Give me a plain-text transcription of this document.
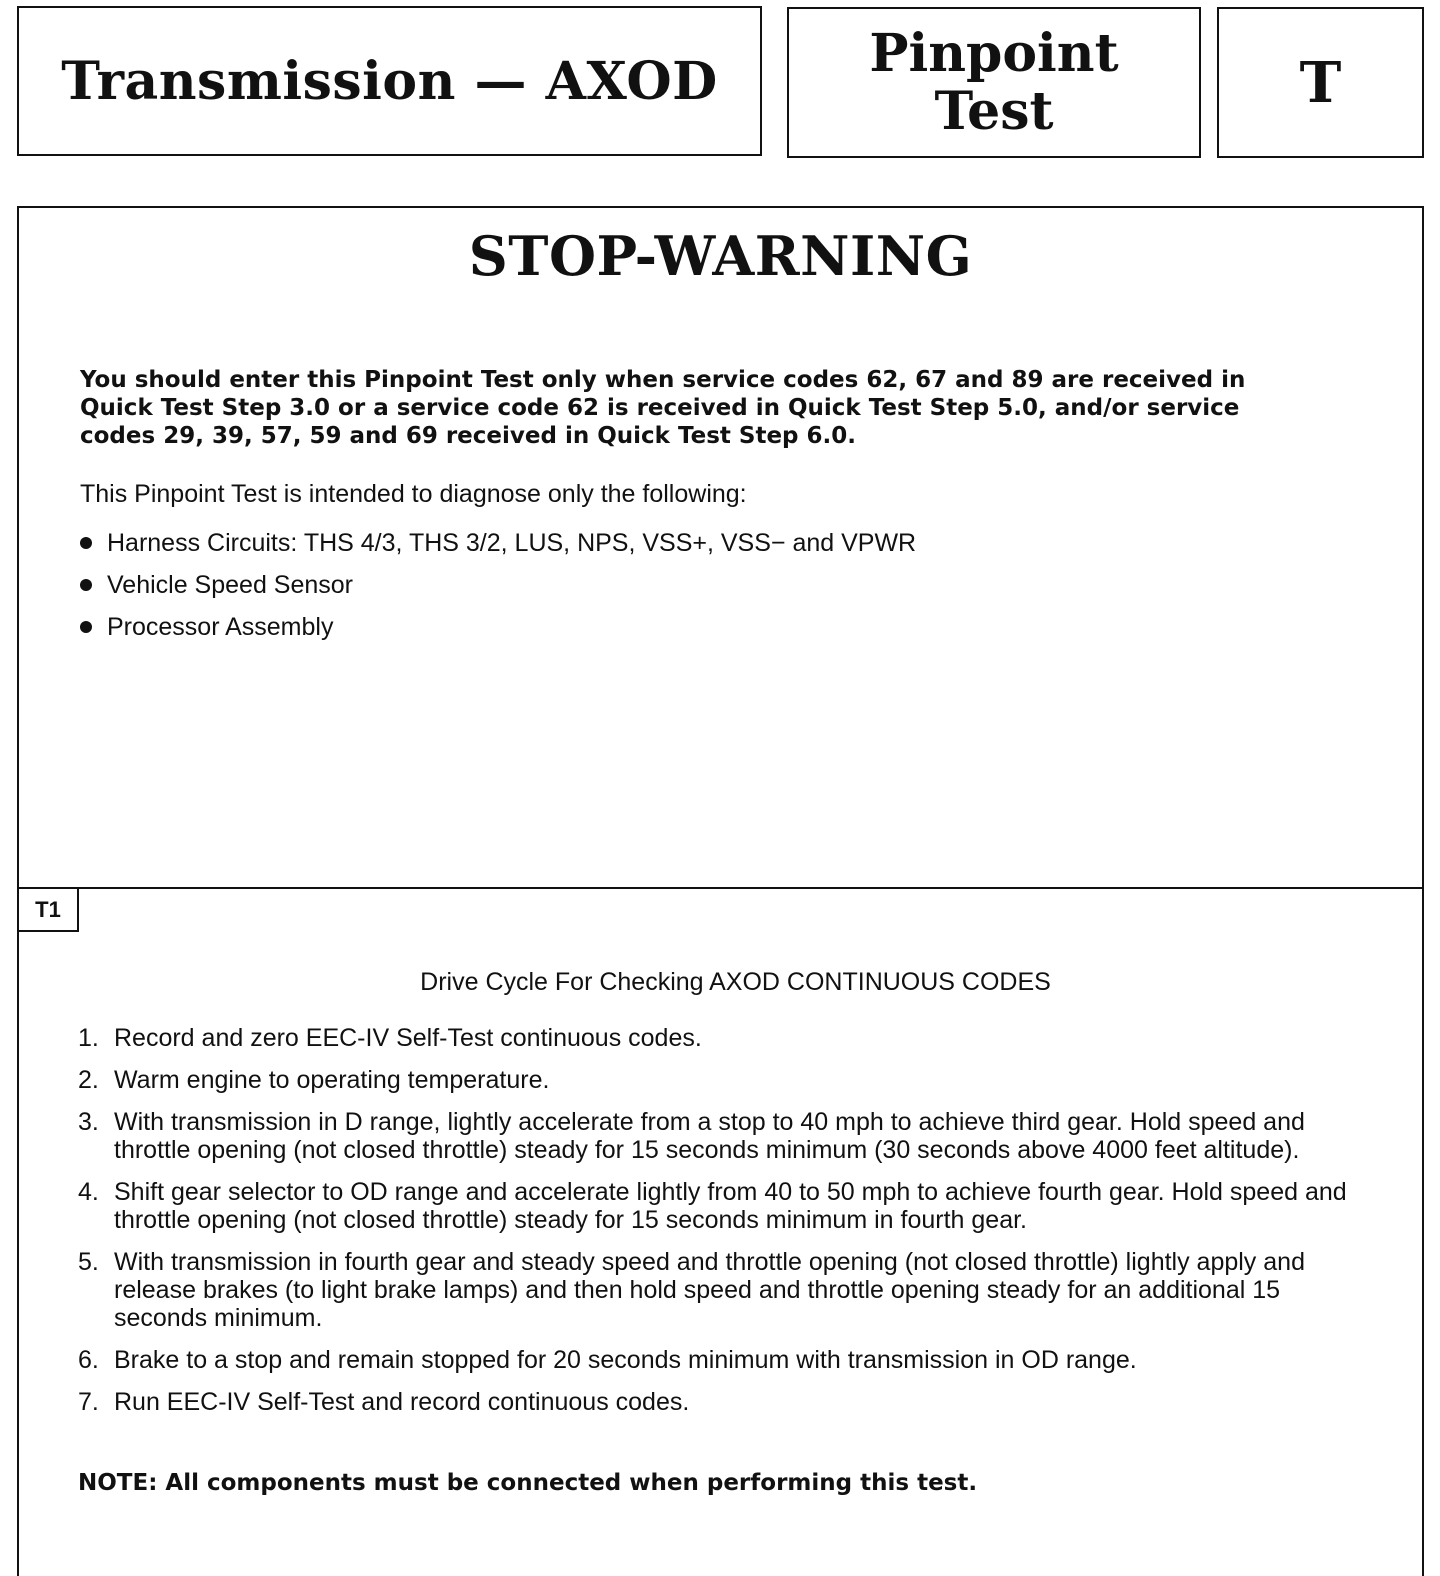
Transmission — AXOD	Pinpoint
Test	T
STOP-WARNING

You should enter this Pinpoint Test only when service codes 62, 67 and 89 are received in Quick Test Step 3.0 or a service code 62 is received in Quick Test Step 5.0, and/or service codes 29, 39, 57, 59 and 69 received in Quick Test Step 6.0.

This Pinpoint Test is intended to diagnose only the following:

Harness Circuits: THS 4/3, THS 3/2, LUS, NPS, VSS+, VSS− and VPWR
Vehicle Speed Sensor
Processor Assembly
T1
Drive Cycle For Checking AXOD CONTINUOUS CODES
1. Record and zero EEC-IV Self-Test continuous codes.
2. Warm engine to operating temperature.
3. With transmission in D range, lightly accelerate from a stop to 40 mph to achieve third gear. Hold speed and throttle opening (not closed throttle) steady for 15 seconds minimum (30 seconds above 4000 feet altitude).
4. Shift gear selector to OD range and accelerate lightly from 40 to 50 mph to achieve fourth gear. Hold speed and throttle opening (not closed throttle) steady for 15 seconds minimum in fourth gear.
5. With transmission in fourth gear and steady speed and throttle opening (not closed throttle) lightly apply and release brakes (to light brake lamps) and then hold speed and throttle opening steady for an additional 15 seconds minimum.
6. Brake to a stop and remain stopped for 20 seconds minimum with transmission in OD range.
7. Run EEC-IV Self-Test and record continuous codes.
NOTE: All components must be connected when performing this test.
